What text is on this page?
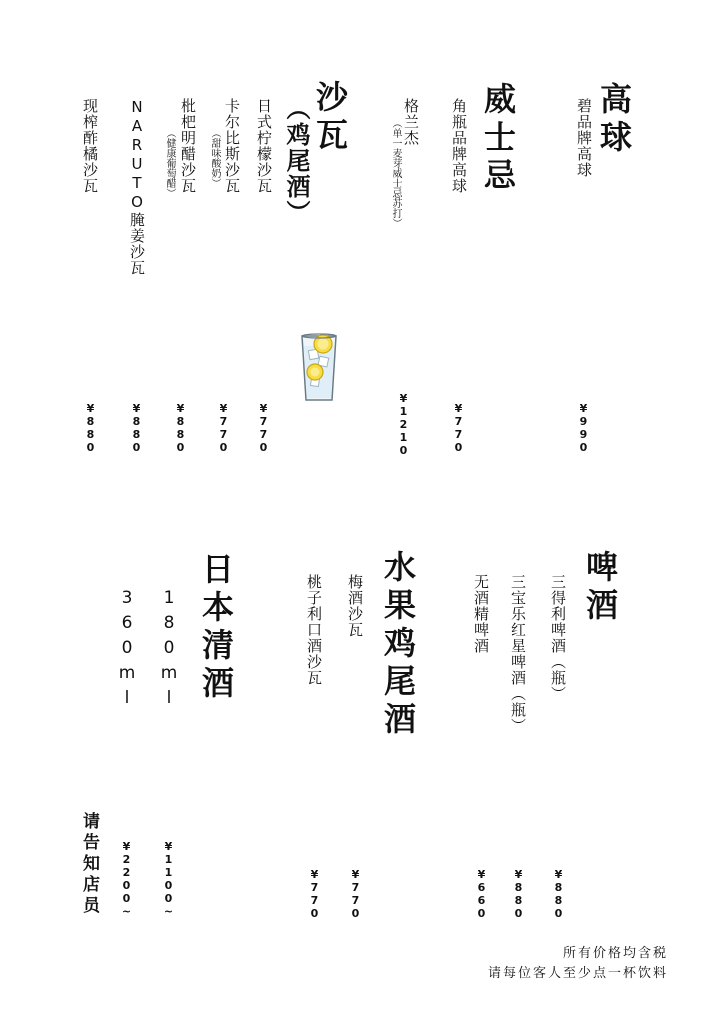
高球
碧品牌高球
¥990
威士忌
角瓶品牌高球
¥770
格兰杰
（单一麦芽威士忌苏打）
¥1210
沙瓦
（鸡尾酒）
日式柠檬沙瓦
¥770
卡尔比斯沙瓦
（甜味酸奶）
¥770
枇杷明醋沙瓦
（健康葡萄醋）
¥880
NARUTO腌姜沙瓦
¥880
现榨酢橘沙瓦
¥880
啤酒
三得利啤酒（瓶）
¥880
三宝乐红星啤酒（瓶）
¥880
无酒精啤酒
¥660
水果鸡尾酒
梅酒沙瓦
¥770
桃子利口酒沙瓦
¥770
日本清酒
180ml
¥1100~
360ml
¥2200~
请告知店员
所有价格均含税
请每位客人至少点一杯饮料
